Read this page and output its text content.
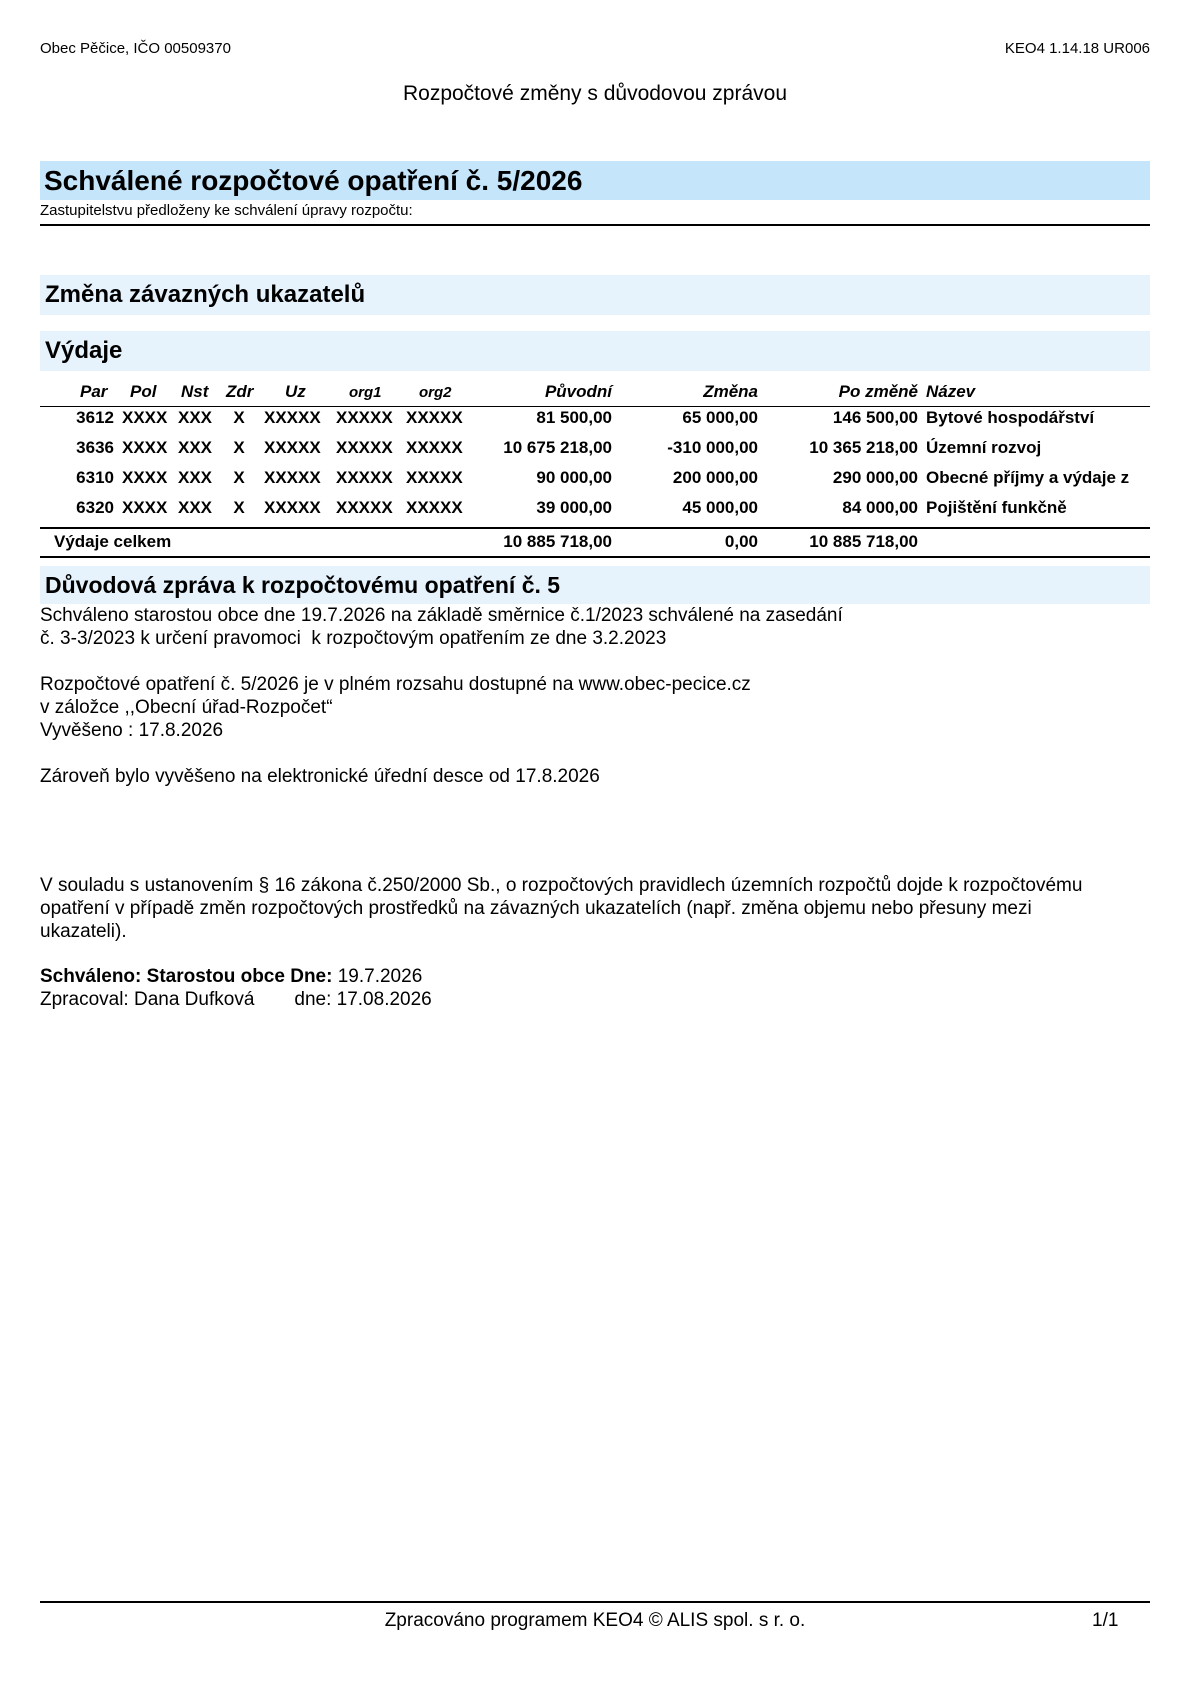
Obec Pěčice, IČO 00509370	KEO4 1.14.18 UR006
Rozpočtové změny s důvodovou zprávou
Schválené rozpočtové opatření č. 5/2026
Zastupitelstvu předloženy ke schválení úpravy rozpočtu:
Změna závazných ukazatelů
Výdaje
Par Pol Nst Zdr Uz	org1 org2	Původní	Změna	Po změně Název
3612 XXXX XXX	X	XXXXX XXXXX XXXXX	81 500,00	65 000,00	146 500,00 Bytové hospodářství
3636 XXXX XXX	X	XXXXX XXXXX XXXXX	10 675 218,00	-310 000,00	10 365 218,00 Územní rozvoj
6310 XXXX XXX	X	XXXXX XXXXX XXXXX	90 000,00	200 000,00	290 000,00 Obecné příjmy a výdaje z
6320 XXXX XXX	X	XXXXX XXXXX XXXXX	39 000,00	45 000,00	84 000,00 Pojištění funkčně
Výdaje celkem	10 885 718,00	0,00	10 885 718,00
Důvodová zpráva k rozpočtovému opatření č. 5
Schváleno starostou obce dne 19.7.2026 na základě směrnice č.1/2023 schválené na zasedání
č. 3-3/2023 k určení pravomoci  k rozpočtovým opatřením ze dne 3.2.2023
Rozpočtové opatření č. 5/2026 je v plném rozsahu dostupné na www.obec-pecice.cz
v záložce ,,Obecní úřad-Rozpočet“
Vyvěšeno : 17.8.2026
Zároveň bylo vyvěšeno na elektronické úřední desce od 17.8.2026
V souladu s ustanovením § 16 zákona č.250/2000 Sb., o rozpočtových pravidlech územních rozpočtů dojde k rozpočtovému
opatření v případě změn rozpočtových prostředků na závazných ukazatelích (např. změna objemu nebo přesuny mezi
ukazateli).
Schváleno: Starostou obce Dne: 19.7.2026
Zpracoval: Dana Dufková dne: 17.08.2026
Zpracováno programem KEO4 © ALIS spol. s r. o.	1/1
